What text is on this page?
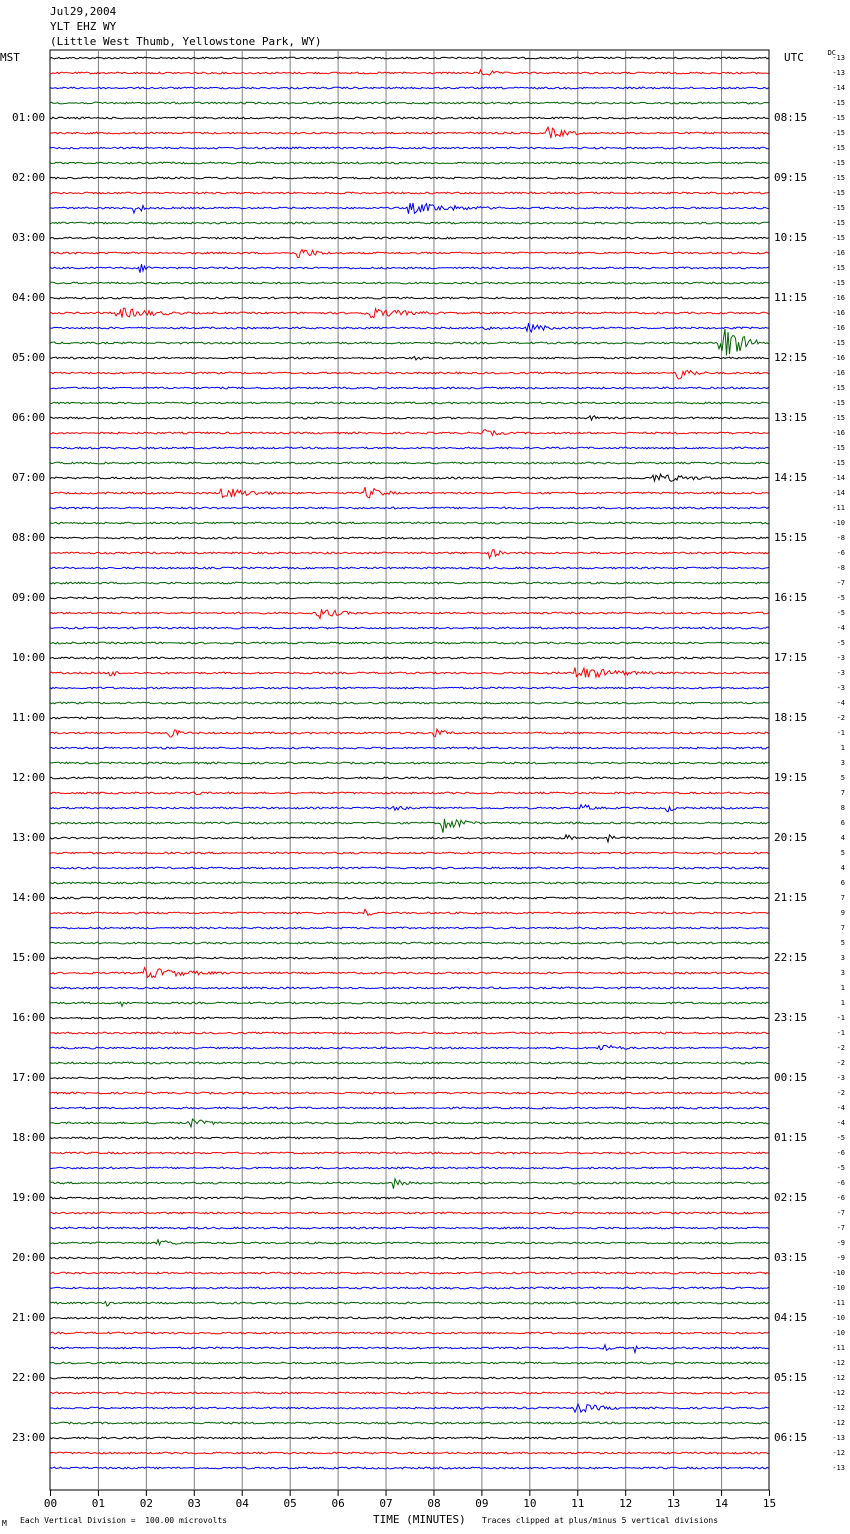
Jul29,2004
YLT EHZ WY
(Little West Thumb, Yellowstone Park, WY)
MST	UTC	DC
00	01	02	03	04	05	06	07	08	09	10	11	12	13	14	15
01:00
02:00
03:00
04:00
05:00
06:00
07:00
08:00
09:00
10:00
11:00
12:00
13:00
14:00
15:00
16:00
17:00
18:00
19:00
20:00
21:00
22:00
23:00
08:15
09:15
10:15
11:15
12:15
13:15
14:15
15:15
16:15
17:15
18:15
19:15
20:15
21:15
22:15
23:15
00:15
01:15
02:15
03:15
04:15
05:15
06:15
-13
-13
-14
-15
-15
-15
-15
-15
-15
-15
-15
-15
-15
-16
-15
-15
-16
-16
-16
-15
-16
-16
-15
-15
-15
-16
-15
-15
-14
-14
-11
-10
-8
-6
-8
-7
-5
-5
-4
-5
-3
-3
-3
-4
-2
-1
1
3
5
7
8
6
4
5
4
6
7
9
7
5
3
3
1
1
-1
-1
-2
-2
-3
-2
-4
-4
-5
-6
-5
-6
-6
-7
-7
-9
-9
-10
-10
-11
-10
-10
-11
-12
-12
-12
-12
-12
-13
-12
-13
M Each Vertical Division =  100.00 microvolts	TIME (MINUTES) Traces clipped at plus/minus 5 vertical divisions
